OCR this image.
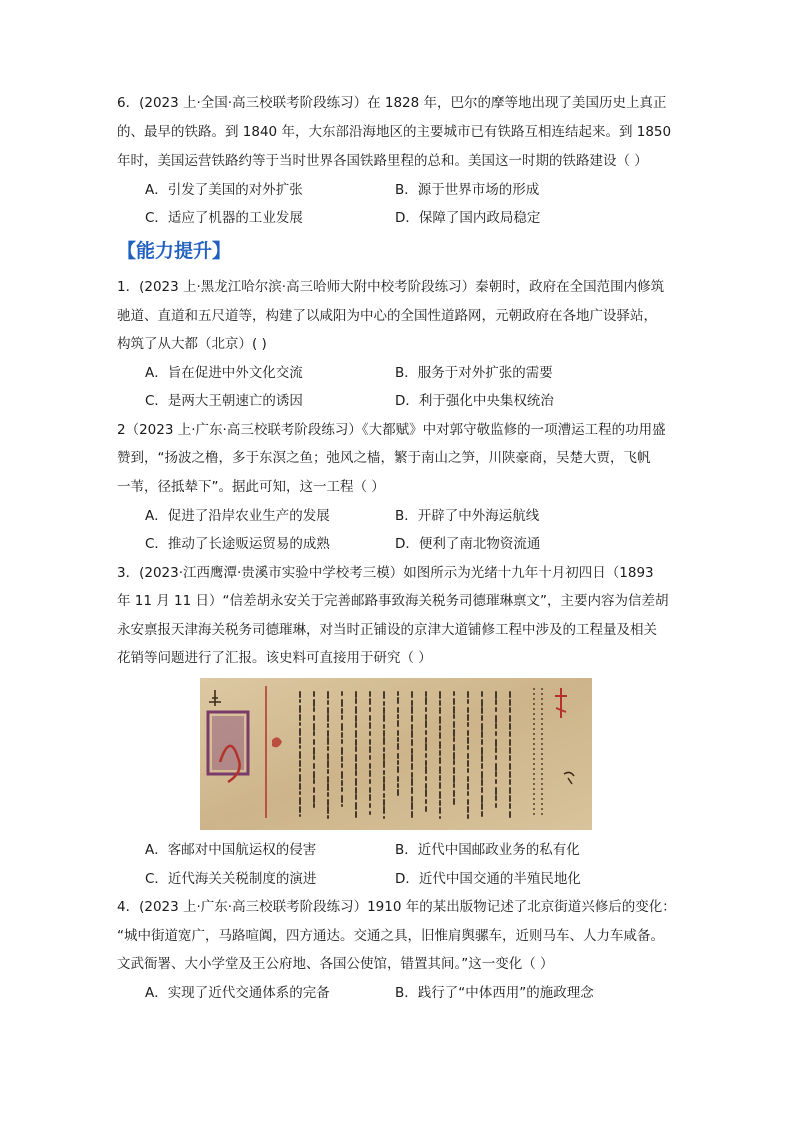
6．(2023 上·全国·高三校联考阶段练习）在 1828 年，巴尔的摩等地出现了美国历史上真正
的、最早的铁路。到 1840 年，大东部沿海地区的主要城市已有铁路互相连结起来。到 1850
年时，美国运营铁路约等于当时世界各国铁路里程的总和。美国这一时期的铁路建设（ ）
A．引发了美国的对外扩张	B．源于世界市场的形成
C．适应了机器的工业发展	D．保障了国内政局稳定
【能力提升】
1．(2023 上·黑龙江哈尔滨·高三哈师大附中校考阶段练习）秦朝时，政府在全国范围内修筑
驰道、直道和五尺道等，构建了以咸阳为中心的全国性道路网，元朝政府在各地广设驿站，
构筑了从大都（北京）( )
A．旨在促进中外文化交流	B．服务于对外扩张的需要
C．是两大王朝速亡的诱因	D．利于强化中央集权统治
2（2023 上·广东·高三校联考阶段练习）《大都赋》中对郭守敬监修的一项漕运工程的功用盛
赞到，“扬波之橹，多于东溟之鱼；弛风之樯，繁于南山之笋，川陕豪商，吴楚大贾，飞帆
一苇，径抵辇下”。据此可知，这一工程（ ）
A．促进了沿岸农业生产的发展	B．开辟了中外海运航线
C．推动了长途贩运贸易的成熟	D．便利了南北物资流通
3．(2023·江西鹰潭·贵溪市实验中学校考三模）如图所示为光绪十九年十月初四日（1893
年 11 月 11 日）“信差胡永安关于完善邮路事致海关税务司德璀琳禀文”，主要内容为信差胡
永安禀报天津海关税务司德璀琳，对当时正铺设的京津大道铺修工程中涉及的工程量及相关
花销等问题进行了汇报。该史料可直接用于研究（ ）
A．客邮对中国航运权的侵害	B．近代中国邮政业务的私有化
C．近代海关关税制度的演进	D．近代中国交通的半殖民地化
4．(2023 上·广东·高三校联考阶段练习）1910 年的某出版物记述了北京街道兴修后的变化：
“城中街道宽广，马路喧阗，四方通达。交通之具，旧惟肩舆骡车，近则马车、人力车咸备。
文武衙署、大小学堂及王公府地、各国公使馆，错置其间。”这一变化（ ）
A．实现了近代交通体系的完备	B．践行了“中体西用”的施政理念
